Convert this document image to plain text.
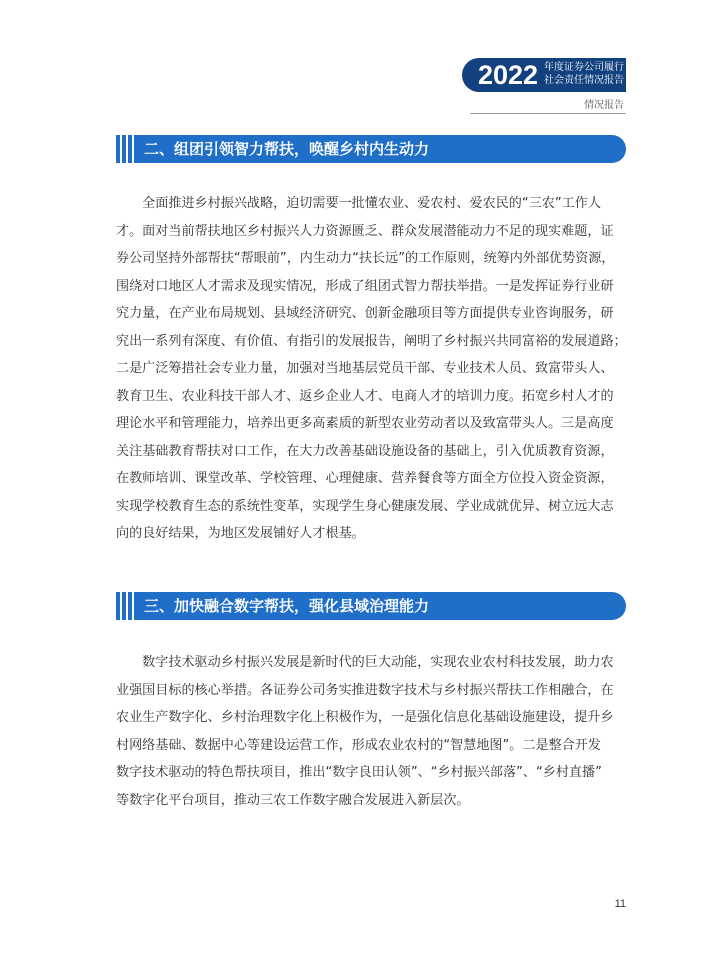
2022 年度证券公司履行
社会责任情况报告
情况报告
二、组团引领智力帮扶，唤醒乡村内生动力
　　全面推进乡村振兴战略，迫切需要一批懂农业、爱农村、爱农民的“三农”工作人
才。面对当前帮扶地区乡村振兴人力资源匮乏、群众发展潜能动力不足的现实难题，证
券公司坚持外部帮扶“帮眼前”，内生动力“扶长远”的工作原则，统筹内外部优势资源，
围绕对口地区人才需求及现实情况，形成了组团式智力帮扶举措。一是发挥证券行业研
究力量，在产业布局规划、县域经济研究、创新金融项目等方面提供专业咨询服务，研
究出一系列有深度、有价值、有指引的发展报告，阐明了乡村振兴共同富裕的发展道路；
二是广泛筹措社会专业力量，加强对当地基层党员干部、专业技术人员、致富带头人、
教育卫生、农业科技干部人才、返乡企业人才、电商人才的培训力度。拓宽乡村人才的
理论水平和管理能力，培养出更多高素质的新型农业劳动者以及致富带头人。三是高度
关注基础教育帮扶对口工作，在大力改善基础设施设备的基础上，引入优质教育资源，
在教师培训、课堂改革、学校管理、心理健康、营养餐食等方面全方位投入资金资源，
实现学校教育生态的系统性变革，实现学生身心健康发展、学业成就优异、树立远大志
向的良好结果，为地区发展铺好人才根基。
三、加快融合数字帮扶，强化县域治理能力
　　数字技术驱动乡村振兴发展是新时代的巨大动能，实现农业农村科技发展，助力农
业强国目标的核心举措。各证券公司务实推进数字技术与乡村振兴帮扶工作相融合，在
农业生产数字化、乡村治理数字化上积极作为，一是强化信息化基础设施建设，提升乡
村网络基础、数据中心等建设运营工作，形成农业农村的“智慧地图”。二是整合开发
数字技术驱动的特色帮扶项目，推出“数字良田认领”、“乡村振兴部落”、“乡村直播”
等数字化平台项目，推动三农工作数字融合发展进入新层次。
11
